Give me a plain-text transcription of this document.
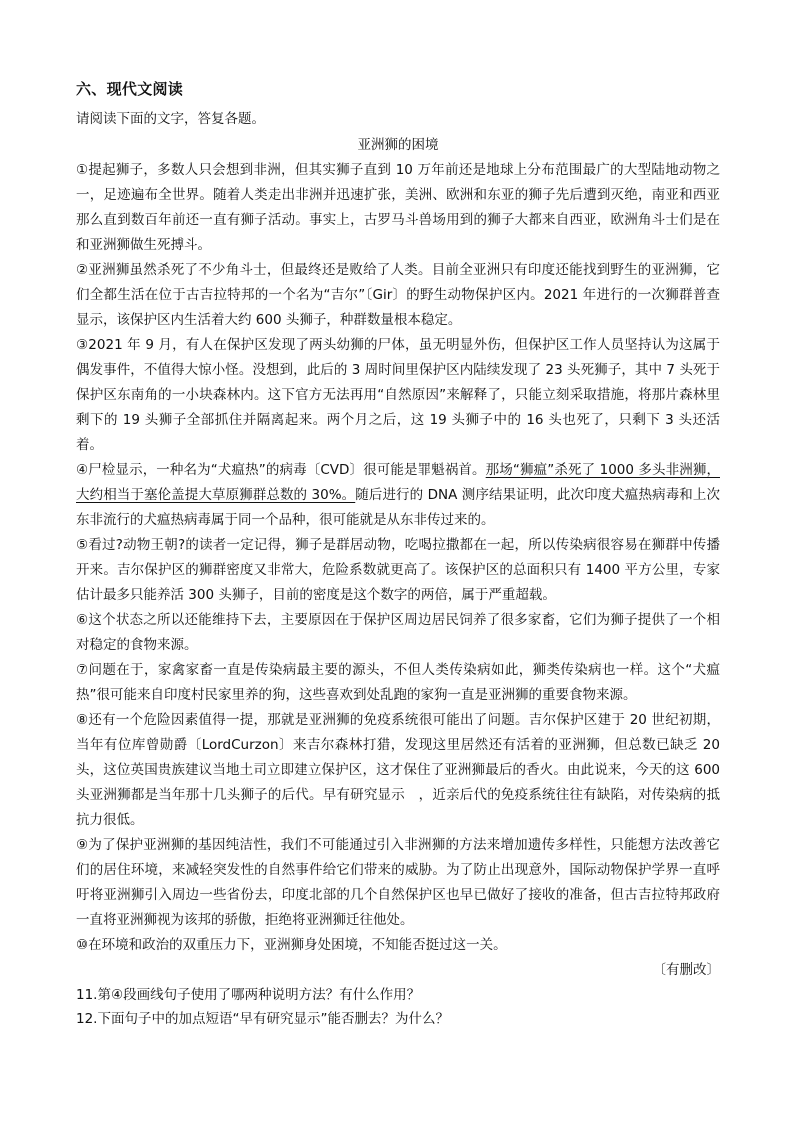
六、现代文阅读
请阅读下面的文字，答复各题。
亚洲狮的困境

①提起狮子，多数人只会想到非洲，但其实狮子直到 10 万年前还是地球上分布范围最广的大型陆地动物之一，足迹遍布全世界。随着人类走出非洲并迅速扩张，美洲、欧洲和东亚的狮子先后遭到灭绝，南亚和西亚那么直到数百年前还一直有狮子活动。事实上，古罗马斗兽场用到的狮子大都来自西亚，欧洲角斗士们是在和亚洲狮做生死搏斗。

②亚洲狮虽然杀死了不少角斗士，但最终还是败给了人类。目前全亚洲只有印度还能找到野生的亚洲狮，它们全都生活在位于古吉拉特邦的一个名为“吉尔”〔Gir〕的野生动物保护区内。2021 年进行的一次狮群普查显示，该保护区内生活着大约 600 头狮子，种群数量根本稳定。

③2021 年 9 月，有人在保护区发现了两头幼狮的尸体，虽无明显外伤，但保护区工作人员坚持认为这属于偶发事件，不值得大惊小怪。没想到，此后的 3 周时间里保护区内陆续发现了 23 头死狮子，其中 7 头死于保护区东南角的一小块森林内。这下官方无法再用“自然原因”来解释了，只能立刻采取措施，将那片森林里剩下的 19 头狮子全部抓住并隔离起来。两个月之后，这 19 头狮子中的 16 头也死了，只剩下 3 头还活着。

④尸检显示，一种名为“犬瘟热”的病毒〔CVD〕很可能是罪魁祸首。那场“狮瘟”杀死了 1000 多头非洲狮，大约相当于塞伦盖提大草原狮群总数的 30%。随后进行的 DNA 测序结果证明，此次印度犬瘟热病毒和上次东非流行的犬瘟热病毒属于同一个品种，很可能就是从东非传过来的。

⑤看过?动物王朝?的读者一定记得，狮子是群居动物，吃喝拉撒都在一起，所以传染病很容易在狮群中传播开来。吉尔保护区的狮群密度又非常大，危险系数就更高了。该保护区的总面积只有 1400 平方公里，专家估计最多只能养活 300 头狮子，目前的密度是这个数字的两倍，属于严重超载。

⑥这个状态之所以还能维持下去，主要原因在于保护区周边居民饲养了很多家畜，它们为狮子提供了一个相对稳定的食物来源。

⑦问题在于，家禽家畜一直是传染病最主要的源头，不但人类传染病如此，狮类传染病也一样。这个“犬瘟热”很可能来自印度村民家里养的狗，这些喜欢到处乱跑的家狗一直是亚洲狮的重要食物来源。

⑧还有一个危险因素值得一提，那就是亚洲狮的免疫系统很可能出了问题。吉尔保护区建于 20 世纪初期，当年有位库曾勋爵〔LordCurzon〕来吉尔森林打猎，发现这里居然还有活着的亚洲狮，但总数已缺乏 20 头，这位英国贵族建议当地土司立即建立保护区，这才保住了亚洲狮最后的香火。由此说来，今天的这 600 头亚洲狮都是当年那十几头狮子的后代。早有研究显示　，近亲后代的免疫系统往往有缺陷，对传染病的抵抗力很低。

⑨为了保护亚洲狮的基因纯洁性，我们不可能通过引入非洲狮的方法来增加遗传多样性，只能想方法改善它们的居住环境，来减轻突发性的自然事件给它们带来的威胁。为了防止出现意外，国际动物保护学界一直呼吁将亚洲狮引入周边一些省份去，印度北部的几个自然保护区也早已做好了接收的准备，但古吉拉特邦政府一直将亚洲狮视为该邦的骄傲，拒绝将亚洲狮迁往他处。

⑩在环境和政治的双重压力下，亚洲狮身处困境，不知能否挺过这一关。

〔有删改〕
11.第④段画线句子使用了哪两种说明方法？有什么作用？
12.下面句子中的加点短语“早有研究显示”能否删去？为什么？
